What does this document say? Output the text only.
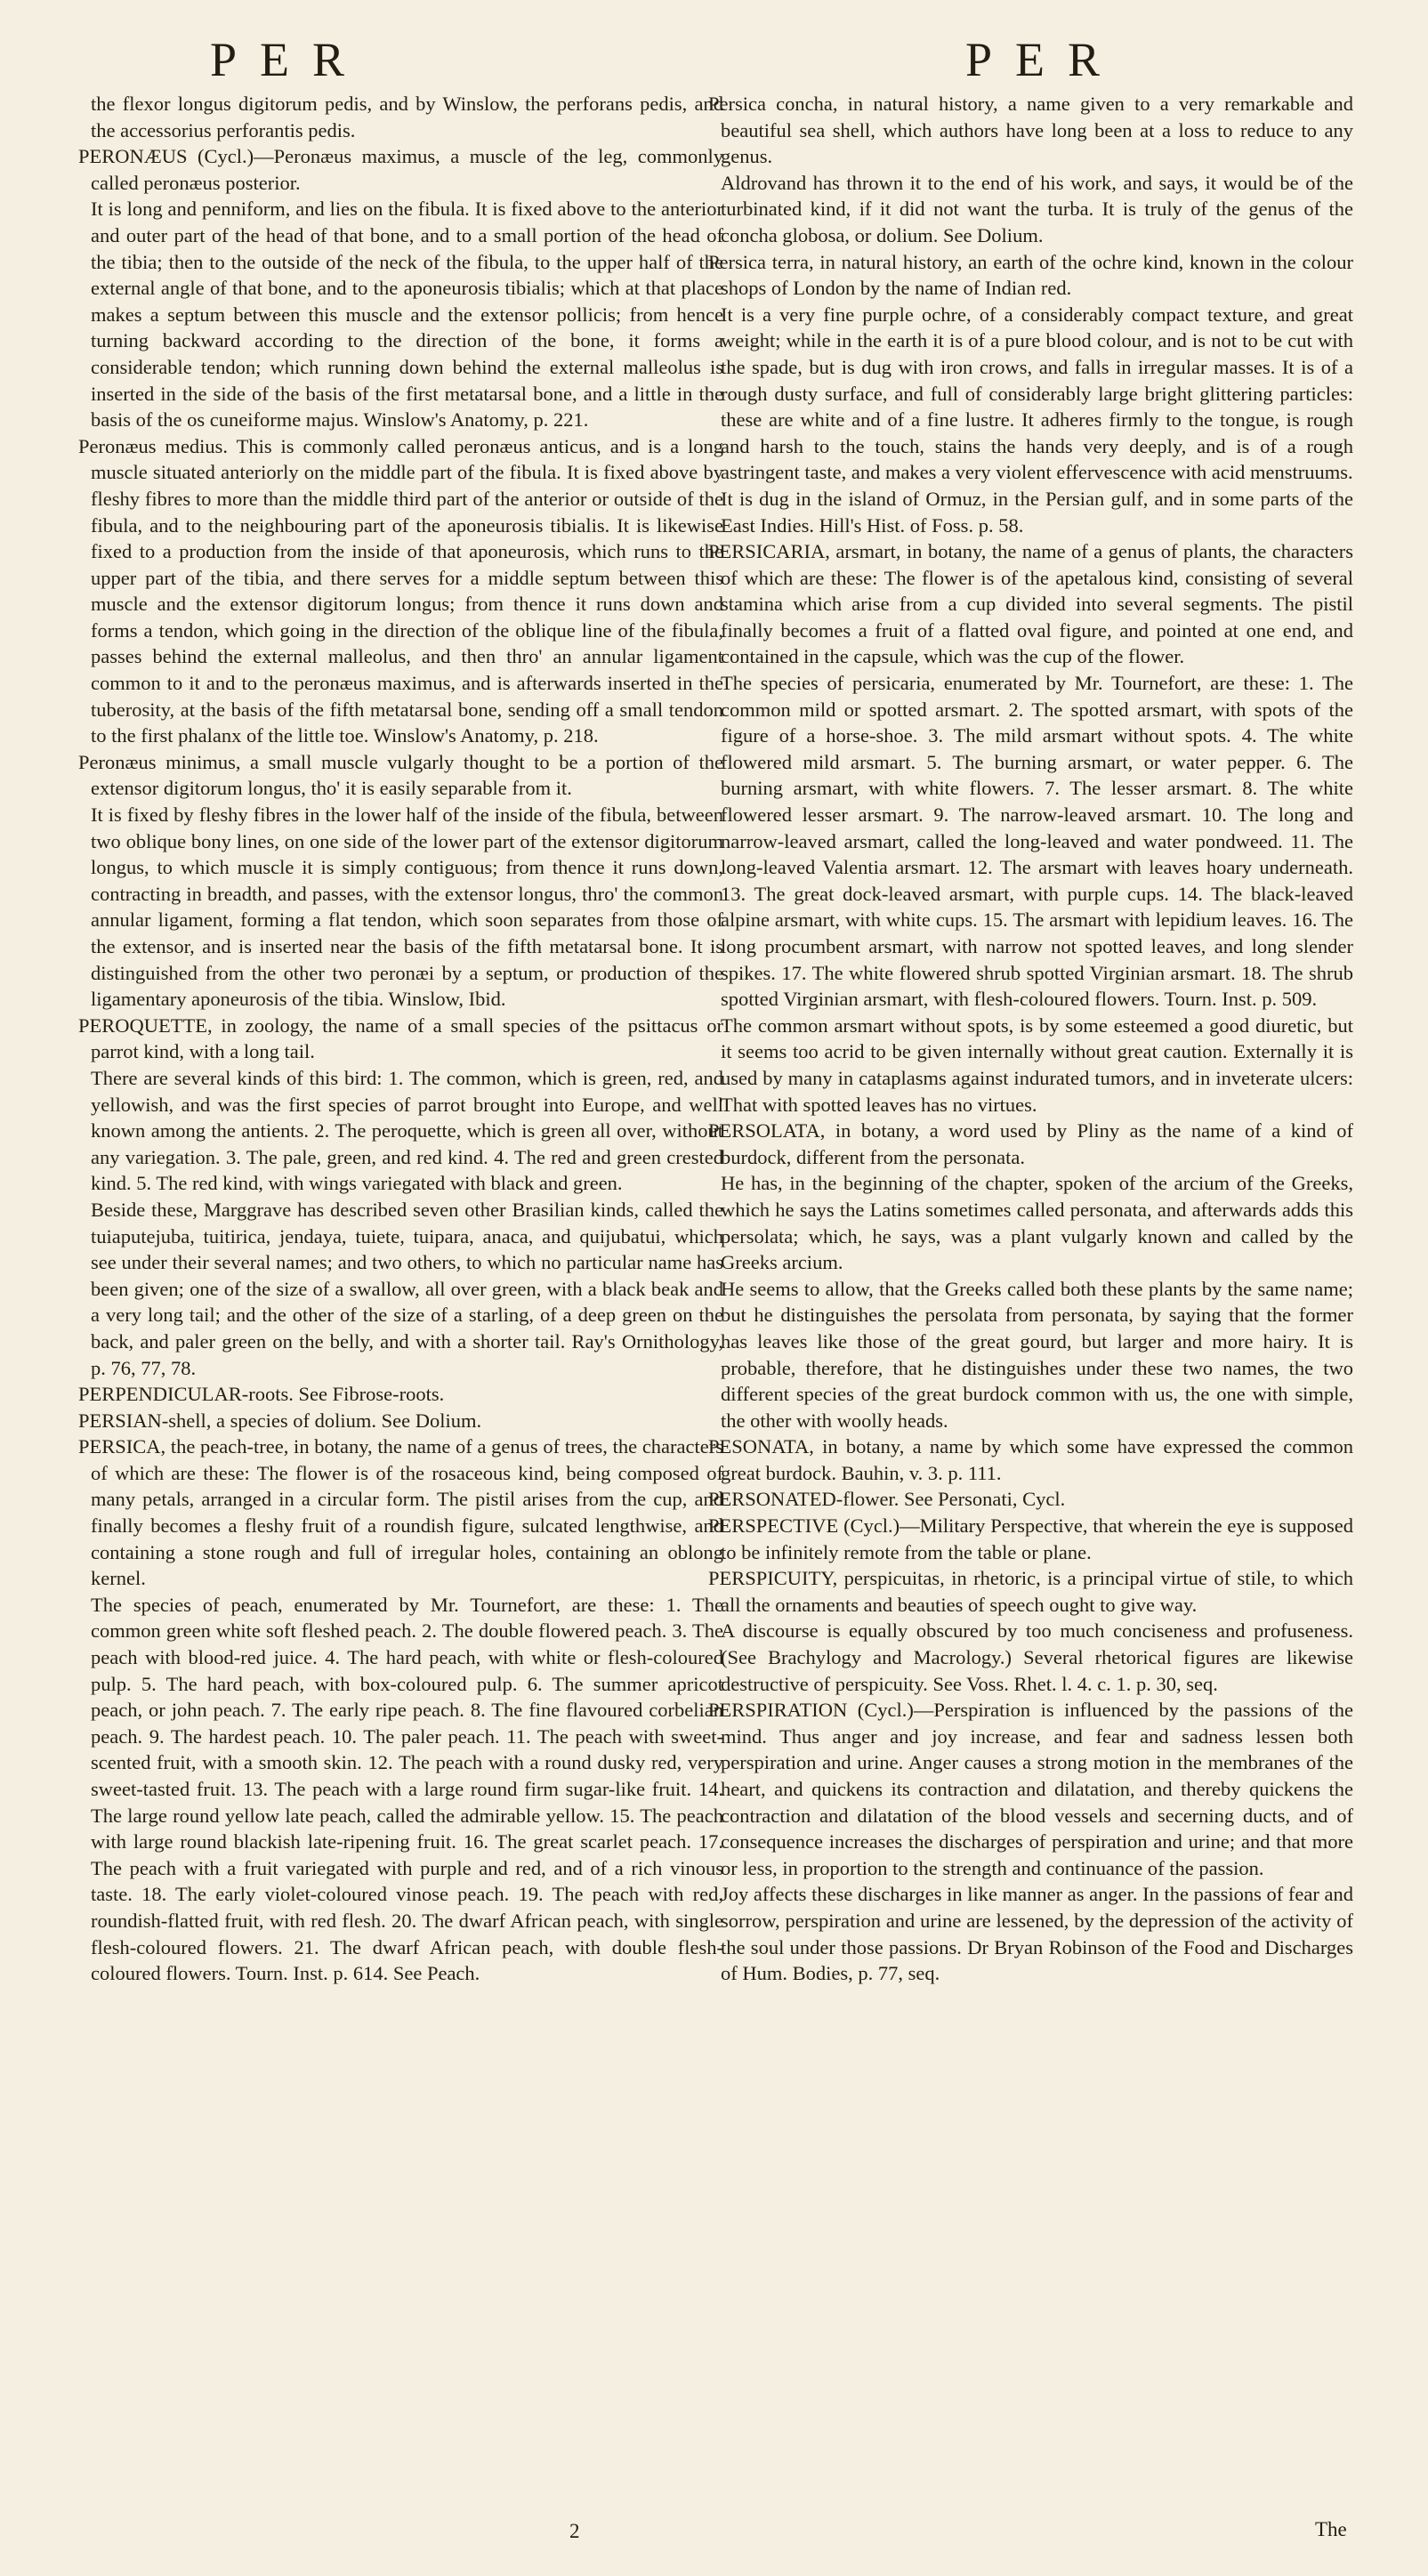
PER	PER

the flexor longus digitorum pedis, and by Winslow, the perforans pedis, and the accessorius perforantis pedis.

PERONÆUS (Cycl.)—Peronæus maximus, a muscle of the leg, commonly called peronæus posterior.

It is long and penniform, and lies on the fibula. It is fixed above to the anterior and outer part of the head of that bone, and to a small portion of the head of the tibia; then to the outside of the neck of the fibula, to the upper half of the external angle of that bone, and to the aponeurosis tibialis; which at that place makes a septum between this muscle and the extensor pollicis; from hence turning backward according to the direction of the bone, it forms a considerable tendon; which running down behind the external malleolus is inserted in the side of the basis of the first metatarsal bone, and a little in the basis of the os cuneiforme majus. Winslow's Anatomy, p. 221.

Peronæus medius. This is commonly called peronæus anticus, and is a long muscle situated anteriorly on the middle part of the fibula. It is fixed above by fleshy fibres to more than the middle third part of the anterior or outside of the fibula, and to the neighbouring part of the aponeurosis tibialis. It is likewise fixed to a production from the inside of that aponeurosis, which runs to the upper part of the tibia, and there serves for a middle septum between this muscle and the extensor digitorum longus; from thence it runs down and forms a tendon, which going in the direction of the oblique line of the fibula, passes behind the external malleolus, and then thro' an annular ligament common to it and to the peronæus maximus, and is afterwards inserted in the tuberosity, at the basis of the fifth metatarsal bone, sending off a small tendon to the first phalanx of the little toe. Winslow's Anatomy, p. 218.

Peronæus minimus, a small muscle vulgarly thought to be a portion of the extensor digitorum longus, tho' it is easily separable from it.

It is fixed by fleshy fibres in the lower half of the inside of the fibula, between two oblique bony lines, on one side of the lower part of the extensor digitorum longus, to which muscle it is simply contiguous; from thence it runs down, contracting in breadth, and passes, with the extensor longus, thro' the common annular ligament, forming a flat tendon, which soon separates from those of the extensor, and is inserted near the basis of the fifth metatarsal bone. It is distinguished from the other two peronæi by a septum, or production of the ligamentary aponeurosis of the tibia. Winslow, Ibid.

PEROQUETTE, in zoology, the name of a small species of the psittacus or parrot kind, with a long tail.

There are several kinds of this bird: 1. The common, which is green, red, and yellowish, and was the first species of parrot brought into Europe, and well known among the antients. 2. The peroquette, which is green all over, without any variegation. 3. The pale, green, and red kind. 4. The red and green crested kind. 5. The red kind, with wings variegated with black and green.

Beside these, Marggrave has described seven other Brasilian kinds, called the tuiaputejuba, tuitirica, jendaya, tuiete, tuipara, anaca, and quijubatui, which see under their several names; and two others, to which no particular name has been given; one of the size of a swallow, all over green, with a black beak and a very long tail; and the other of the size of a starling, of a deep green on the back, and paler green on the belly, and with a shorter tail. Ray's Ornithology, p. 76, 77, 78.

PERPENDICULAR-roots. See Fibrose-roots.

PERSIAN-shell, a species of dolium. See Dolium.

PERSICA, the peach-tree, in botany, the name of a genus of trees, the characters of which are these: The flower is of the rosaceous kind, being composed of many petals, arranged in a circular form. The pistil arises from the cup, and finally becomes a fleshy fruit of a roundish figure, sulcated lengthwise, and containing a stone rough and full of irregular holes, containing an oblong kernel.

The species of peach, enumerated by Mr. Tournefort, are these: 1. The common green white soft fleshed peach. 2. The double flowered peach. 3. The peach with blood-red juice. 4. The hard peach, with white or flesh-coloured pulp. 5. The hard peach, with box-coloured pulp. 6. The summer apricot peach, or john peach. 7. The early ripe peach. 8. The fine flavoured corbelian peach. 9. The hardest peach. 10. The paler peach. 11. The peach with sweet-scented fruit, with a smooth skin. 12. The peach with a round dusky red, very sweet-tasted fruit. 13. The peach with a large round firm sugar-like fruit. 14. The large round yellow late peach, called the admirable yellow. 15. The peach with large round blackish late-ripening fruit. 16. The great scarlet peach. 17. The peach with a fruit variegated with purple and red, and of a rich vinous taste. 18. The early violet-coloured vinose peach. 19. The peach with red, roundish-flatted fruit, with red flesh. 20. The dwarf African peach, with single flesh-coloured flowers. 21. The dwarf African peach, with double flesh-coloured flowers. Tourn. Inst. p. 614. See Peach.

Persica concha, in natural history, a name given to a very remarkable and beautiful sea shell, which authors have long been at a loss to reduce to any genus.

Aldrovand has thrown it to the end of his work, and says, it would be of the turbinated kind, if it did not want the turba. It is truly of the genus of the concha globosa, or dolium. See Dolium.

Persica terra, in natural history, an earth of the ochre kind, known in the colour shops of London by the name of Indian red.

It is a very fine purple ochre, of a considerably compact texture, and great weight; while in the earth it is of a pure blood colour, and is not to be cut with the spade, but is dug with iron crows, and falls in irregular masses. It is of a rough dusty surface, and full of considerably large bright glittering particles: these are white and of a fine lustre. It adheres firmly to the tongue, is rough and harsh to the touch, stains the hands very deeply, and is of a rough astringent taste, and makes a very violent effervescence with acid menstruums.

It is dug in the island of Ormuz, in the Persian gulf, and in some parts of the East Indies. Hill's Hist. of Foss. p. 58.

PERSICARIA, arsmart, in botany, the name of a genus of plants, the characters of which are these: The flower is of the apetalous kind, consisting of several stamina which arise from a cup divided into several segments. The pistil finally becomes a fruit of a flatted oval figure, and pointed at one end, and contained in the capsule, which was the cup of the flower.

The species of persicaria, enumerated by Mr. Tournefort, are these: 1. The common mild or spotted arsmart. 2. The spotted arsmart, with spots of the figure of a horse-shoe. 3. The mild arsmart without spots. 4. The white flowered mild arsmart. 5. The burning arsmart, or water pepper. 6. The burning arsmart, with white flowers. 7. The lesser arsmart. 8. The white flowered lesser arsmart. 9. The narrow-leaved arsmart. 10. The long and narrow-leaved arsmart, called the long-leaved and water pondweed. 11. The long-leaved Valentia arsmart. 12. The arsmart with leaves hoary underneath. 13. The great dock-leaved arsmart, with purple cups. 14. The black-leaved alpine arsmart, with white cups. 15. The arsmart with lepidium leaves. 16. The long procumbent arsmart, with narrow not spotted leaves, and long slender spikes. 17. The white flowered shrub spotted Virginian arsmart. 18. The shrub spotted Virginian arsmart, with flesh-coloured flowers. Tourn. Inst. p. 509.

The common arsmart without spots, is by some esteemed a good diuretic, but it seems too acrid to be given internally without great caution. Externally it is used by many in cataplasms against indurated tumors, and in inveterate ulcers: That with spotted leaves has no virtues.

PERSOLATA, in botany, a word used by Pliny as the name of a kind of burdock, different from the personata.

He has, in the beginning of the chapter, spoken of the arcium of the Greeks, which he says the Latins sometimes called personata, and afterwards adds this persolata; which, he says, was a plant vulgarly known and called by the Greeks arcium.

He seems to allow, that the Greeks called both these plants by the same name; but he distinguishes the persolata from personata, by saying that the former has leaves like those of the great gourd, but larger and more hairy. It is probable, therefore, that he distinguishes under these two names, the two different species of the great burdock common with us, the one with simple, the other with woolly heads.

PESONATA, in botany, a name by which some have expressed the common great burdock. Bauhin, v. 3. p. 111.

PERSONATED-flower. See Personati, Cycl.

PERSPECTIVE (Cycl.)—Military Perspective, that wherein the eye is supposed to be infinitely remote from the table or plane.

PERSPICUITY, perspicuitas, in rhetoric, is a principal virtue of stile, to which all the ornaments and beauties of speech ought to give way.

A discourse is equally obscured by too much conciseness and profuseness. (See Brachylogy and Macrology.) Several rhetorical figures are likewise destructive of perspicuity. See Voss. Rhet. l. 4. c. 1. p. 30, seq.

PERSPIRATION (Cycl.)—Perspiration is influenced by the passions of the mind. Thus anger and joy increase, and fear and sadness lessen both perspiration and urine. Anger causes a strong motion in the membranes of the heart, and quickens its contraction and dilatation, and thereby quickens the contraction and dilatation of the blood vessels and secerning ducts, and of consequence increases the discharges of perspiration and urine; and that more or less, in proportion to the strength and continuance of the passion.

Joy affects these discharges in like manner as anger. In the passions of fear and sorrow, perspiration and urine are lessened, by the depression of the activity of the soul under those passions. Dr Bryan Robinson of the Food and Discharges of Hum. Bodies, p. 77, seq.

2	The
